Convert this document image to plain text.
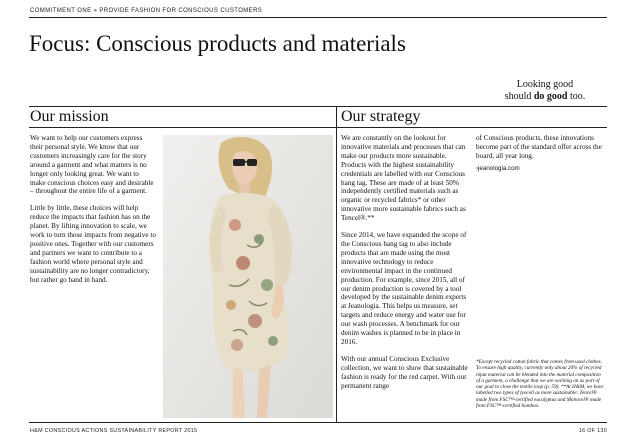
COMMITMENT ONE » PROVIDE FASHION FOR CONSCIOUS CUSTOMERS
Focus: Conscious products and materials
Looking good
should do good too.
Our mission	Our strategy

We want to help our customers express their personal style. We know that our customers increasingly care for the story around a garment and what matters is no longer only looking great. We want to make conscious choices easy and desirable – throughout the entire life of a garment.

Little by little, these choices will help reduce the impacts that fashion has on the planet. By lifting innovation to scale, we work to turn those impacts from negative to positive ones. Together with our customers and partners we want to contribute to a fashion world where personal style and sustainability are no longer contradictory, but rather go hand in hand.

We are constantly on the lookout for innovative materials and processes that can make our products more sustainable. Products with the highest sustainability credentials are labelled with our Conscious hang tag. These are made of at least 50% independently certified materials such as organic or recycled fabrics* or other innovative more sustainable fabrics such as Tencel®.**

Since 2014, we have expanded the scope of the Conscious hang tag to also include products that are made using the most innovative technology to reduce environmental impact in the continued production. For example, since 2015, all of our denim production is covered by a tool developed by the sustainable denim experts at Jeanologia. This helps us measure, set targets and reduce energy and water use for our wash processes. A benchmark for our denim washes is planned to be in place in 2016.

With our annual Conscious Exclusive collection, we want to show that sustainable fashion is ready for the red carpet. With our permanent range

of Conscious products, these innovations become part of the standard offer across the board, all year long.

›jeanologia.com
*Except recycled cotton fabric that comes from used clothes. To ensure high quality, currently only about 20% of recycled input material can be blended into the material composition of a garment, a challenge that we are working on as part of our goal to close the textile loop (p. 59). **At H&M, we have labelled two types of lyocell as more sustainable: Tencel® made from FSC™-certified eucalyptus and Monocel® made from FSC™-certified bamboo.
H&M CONSCIOUS ACTIONS SUSTAINABILITY REPORT 2015	16 OF 130
